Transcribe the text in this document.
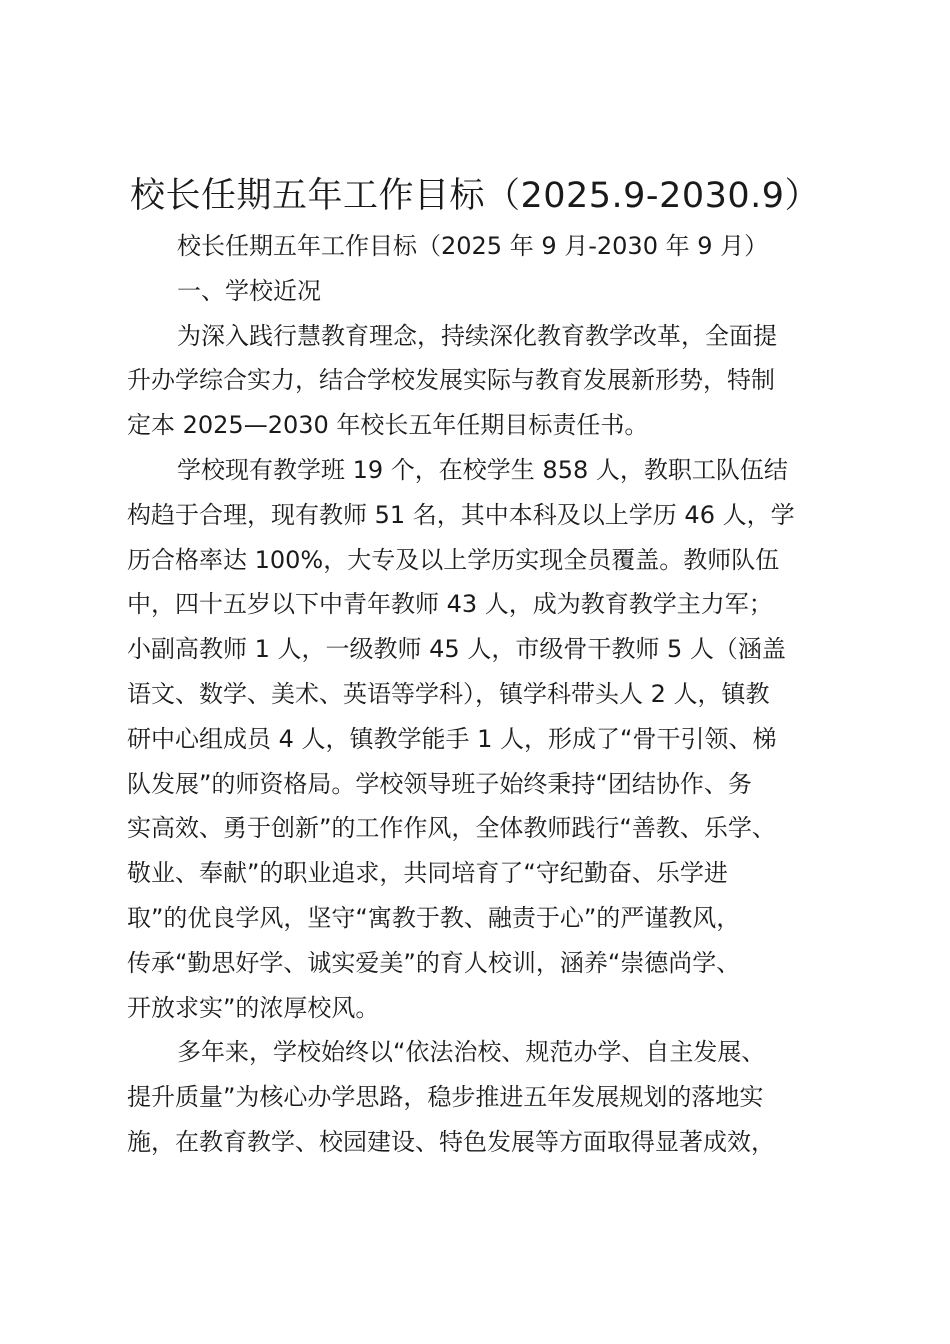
校长任期五年工作目标（2025.9-2030.9）
校长任期五年工作目标（2025 年 9 月-2030 年 9 月）
一、学校近况
为深入践行慧教育理念，持续深化教育教学改革，全面提
升办学综合实力，结合学校发展实际与教育发展新形势，特制
定本 2025—2030 年校长五年任期目标责任书。
学校现有教学班 19 个，在校学生 858 人，教职工队伍结
构趋于合理，现有教师 51 名，其中本科及以上学历 46 人，学
历合格率达 100%，大专及以上学历实现全员覆盖。教师队伍
中，四十五岁以下中青年教师 43 人，成为教育教学主力军；
小副高教师 1 人，一级教师 45 人，市级骨干教师 5 人（涵盖
语文、数学、美术、英语等学科），镇学科带头人 2 人，镇教
研中心组成员 4 人，镇教学能手 1 人，形成了“骨干引领、梯
队发展”的师资格局。学校领导班子始终秉持“团结协作、务
实高效、勇于创新”的工作作风，全体教师践行“善教、乐学、
敬业、奉献”的职业追求，共同培育了“守纪勤奋、乐学进
取”的优良学风，坚守“寓教于教、融责于心”的严谨教风，
传承“勤思好学、诚实爱美”的育人校训，涵养“崇德尚学、
开放求实”的浓厚校风。
多年来，学校始终以“依法治校、规范办学、自主发展、
提升质量”为核心办学思路，稳步推进五年发展规划的落地实
施，在教育教学、校园建设、特色发展等方面取得显著成效，
